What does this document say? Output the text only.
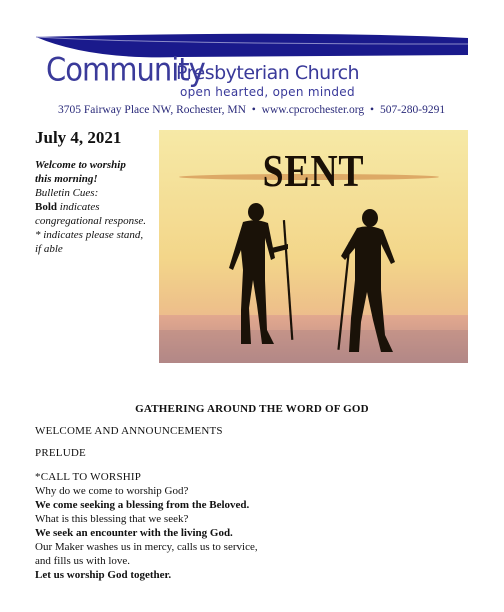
Community
Presbyterian Church
open hearted, open minded
3705 Fairway Place NW, Rochester, MN • www.cpcrochester.org • 507-280-9291
July 4, 2021
Welcome to worship
this morning!
Bulletin Cues:
Bold indicates
congregational response.
* indicates please stand,
if able
SENT
GATHERING AROUND THE WORD OF GOD
WELCOME AND ANNOUNCEMENTS
PRELUDE
*CALL TO WORSHIP
Why do we come to worship God?
We come seeking a blessing from the Beloved.
What is this blessing that we seek?
We seek an encounter with the living God.
Our Maker washes us in mercy, calls us to service,
and fills us with love.
Let us worship God together.
